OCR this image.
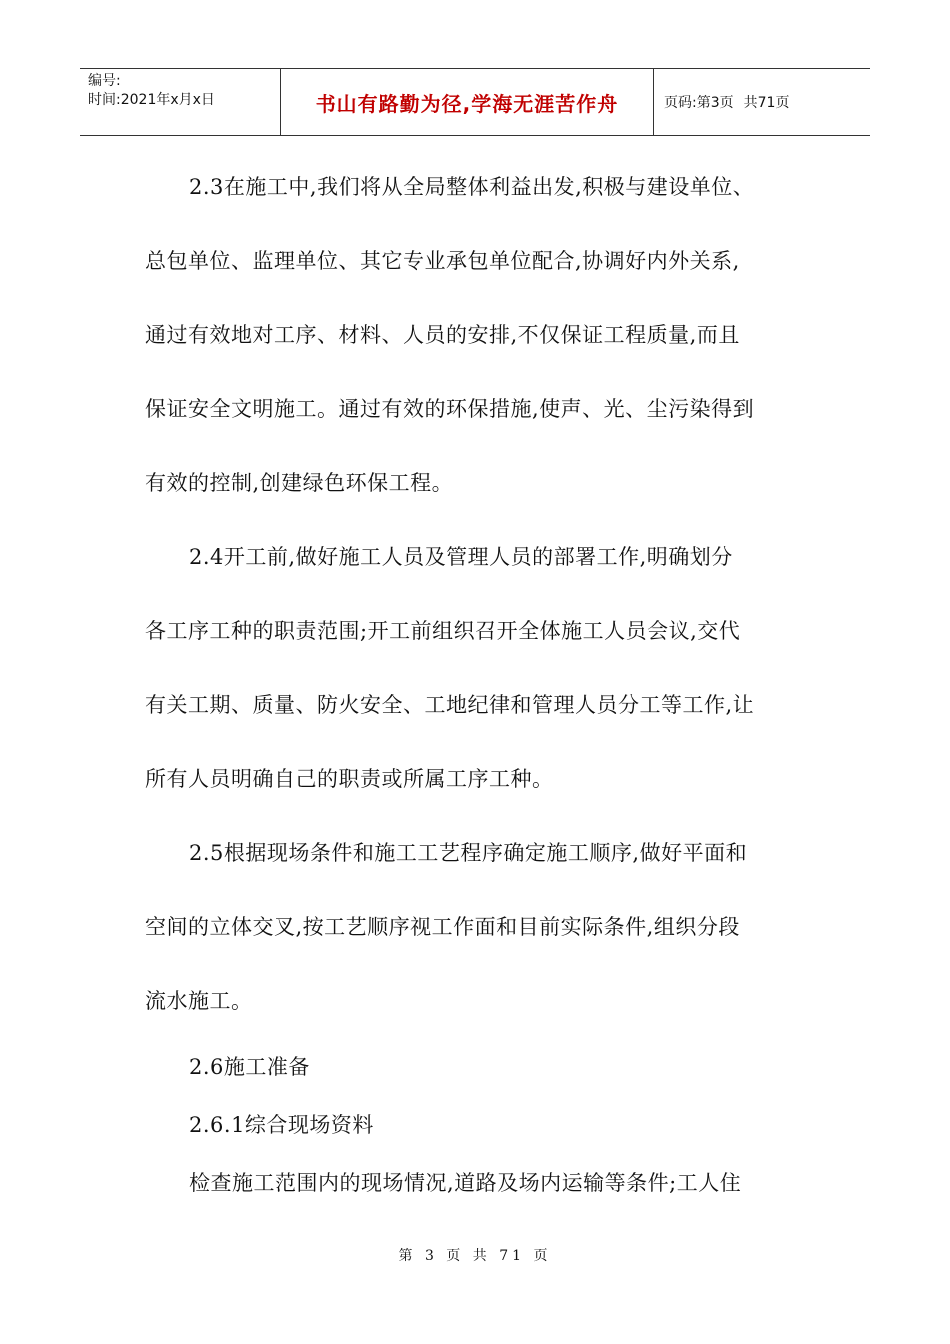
编号:
时间:2021年x月x日	书山有路勤为径,学海无涯苦作舟	页码:第3页 共71页

2.3在施工中,我们将从全局整体利益出发,积极与建设单位、

总包单位、监理单位、其它专业承包单位配合,协调好内外关系,

通过有效地对工序、材料、人员的安排,不仅保证工程质量,而且

保证安全文明施工。通过有效的环保措施,使声、光、尘污染得到

有效的控制,创建绿色环保工程。

2.4开工前,做好施工人员及管理人员的部署工作,明确划分

各工序工种的职责范围;开工前组织召开全体施工人员会议,交代

有关工期、质量、防火安全、工地纪律和管理人员分工等工作,让

所有人员明确自己的职责或所属工序工种。

2.5根据现场条件和施工工艺程序确定施工顺序,做好平面和

空间的立体交叉,按工艺顺序视工作面和目前实际条件,组织分段

流水施工。

2.6施工准备

2.6.1综合现场资料

检查施工范围内的现场情况,道路及场内运输等条件;工人住

第 3 页 共 71 页
